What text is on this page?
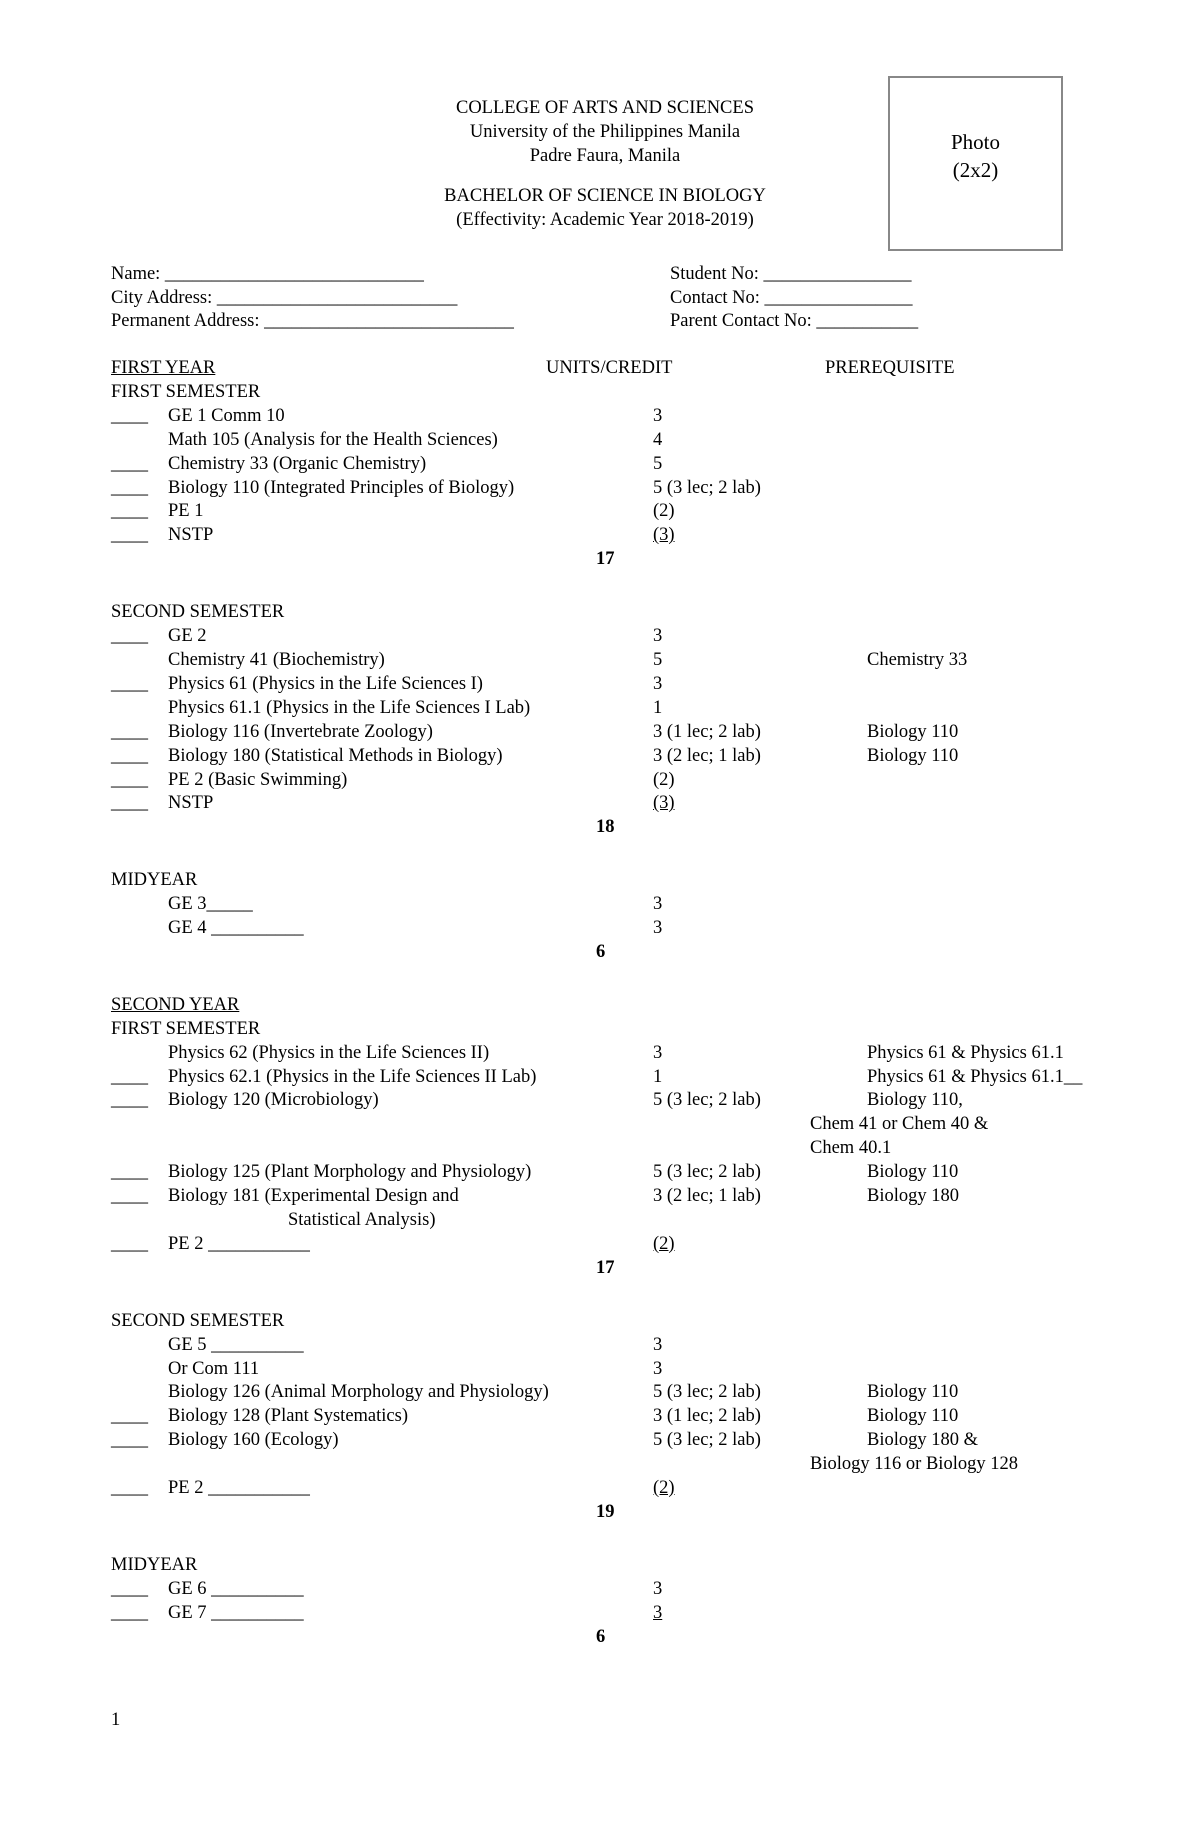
COLLEGE OF ARTS AND SCIENCES
University of the Philippines Manila
Padre Faura, Manila
BACHELOR OF SCIENCE IN BIOLOGY
(Effectivity: Academic Year 2018-2019)
Photo
(2x2)
Name: ____________________________	Student No: ________________
City Address: __________________________	Contact No: ________________
Permanent Address: ___________________________	Parent Contact No: ___________
FIRST YEAR	UNITS/CREDIT	PREREQUISITE
FIRST SEMESTER
____ GE 1 Comm 10	3
Math 105 (Analysis for the Health Sciences)	4
____ Chemistry 33 (Organic Chemistry)	5
____ Biology 110 (Integrated Principles of Biology)	5 (3 lec; 2 lab)
____ PE 1	(2)
____ NSTP	(3)
17
SECOND SEMESTER
____ GE 2	3
Chemistry 41 (Biochemistry)	5	Chemistry 33
____ Physics 61 (Physics in the Life Sciences I)	3
Physics 61.1 (Physics in the Life Sciences I Lab)	1
____ Biology 116 (Invertebrate Zoology)	3 (1 lec; 2 lab)	Biology 110
____ Biology 180 (Statistical Methods in Biology)	3 (2 lec; 1 lab)	Biology 110
____ PE 2 (Basic Swimming)	(2)
____ NSTP	(3)
18
MIDYEAR
GE 3_____	3
GE 4 __________	3
6
SECOND YEAR
FIRST SEMESTER
Physics 62 (Physics in the Life Sciences II)	3	Physics 61 & Physics 61.1
____ Physics 62.1 (Physics in the Life Sciences II Lab)	1	Physics 61 & Physics 61.1__
____ Biology 120 (Microbiology)	5 (3 lec; 2 lab)	Biology 110,
Chem 41 or Chem 40 &
Chem 40.1
____ Biology 125 (Plant Morphology and Physiology)	5 (3 lec; 2 lab)	Biology 110
____ Biology 181 (Experimental Design and	3 (2 lec; 1 lab)	Biology 180
Statistical Analysis)
____ PE 2 ___________	(2)
17
SECOND SEMESTER
GE 5 __________	3
Or Com 111	3
Biology 126 (Animal Morphology and Physiology)	5 (3 lec; 2 lab)	Biology 110
____ Biology 128 (Plant Systematics)	3 (1 lec; 2 lab)	Biology 110
____ Biology 160 (Ecology)	5 (3 lec; 2 lab)	Biology 180 &
Biology 116 or Biology 128
____ PE 2 ___________	(2)
19
MIDYEAR
____ GE 6 __________	3
____ GE 7 __________	3
6
1
